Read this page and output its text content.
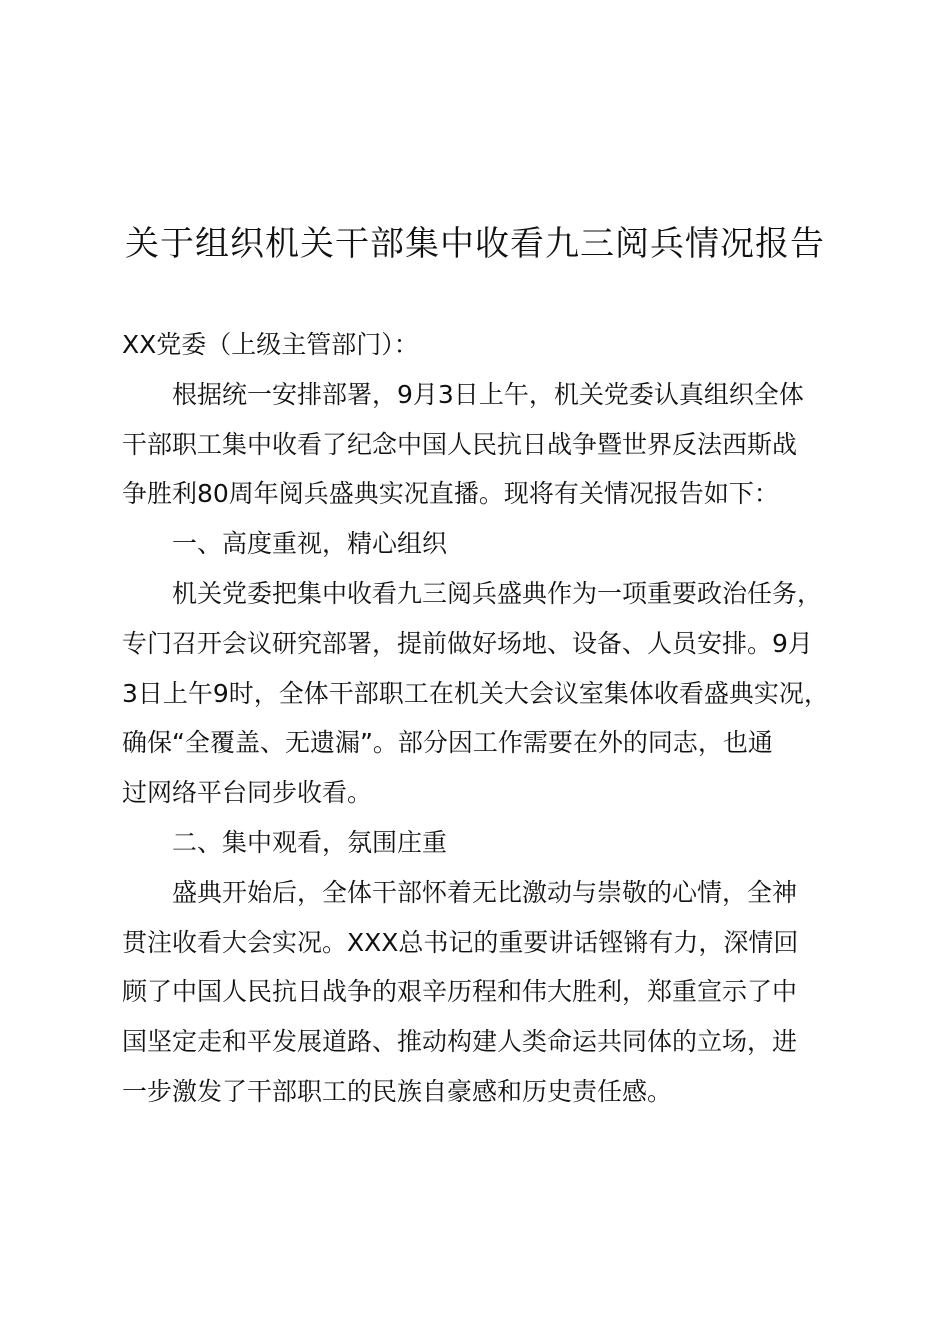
关于组织机关干部集中收看九三阅兵情况报告
XX党委（上级主管部门）：
根据统一安排部署，9月3日上午，机关党委认真组织全体
干部职工集中收看了纪念中国人民抗日战争暨世界反法西斯战
争胜利80周年阅兵盛典实况直播。现将有关情况报告如下：
一、高度重视，精心组织
机关党委把集中收看九三阅兵盛典作为一项重要政治任务，
专门召开会议研究部署，提前做好场地、设备、人员安排。9月
3日上午9时，全体干部职工在机关大会议室集体收看盛典实况，
确保“全覆盖、无遗漏”。部分因工作需要在外的同志，也通
过网络平台同步收看。
二、集中观看，氛围庄重
盛典开始后，全体干部怀着无比激动与崇敬的心情，全神
贯注收看大会实况。XXX总书记的重要讲话铿锵有力，深情回
顾了中国人民抗日战争的艰辛历程和伟大胜利，郑重宣示了中
国坚定走和平发展道路、推动构建人类命运共同体的立场，进
一步激发了干部职工的民族自豪感和历史责任感。
